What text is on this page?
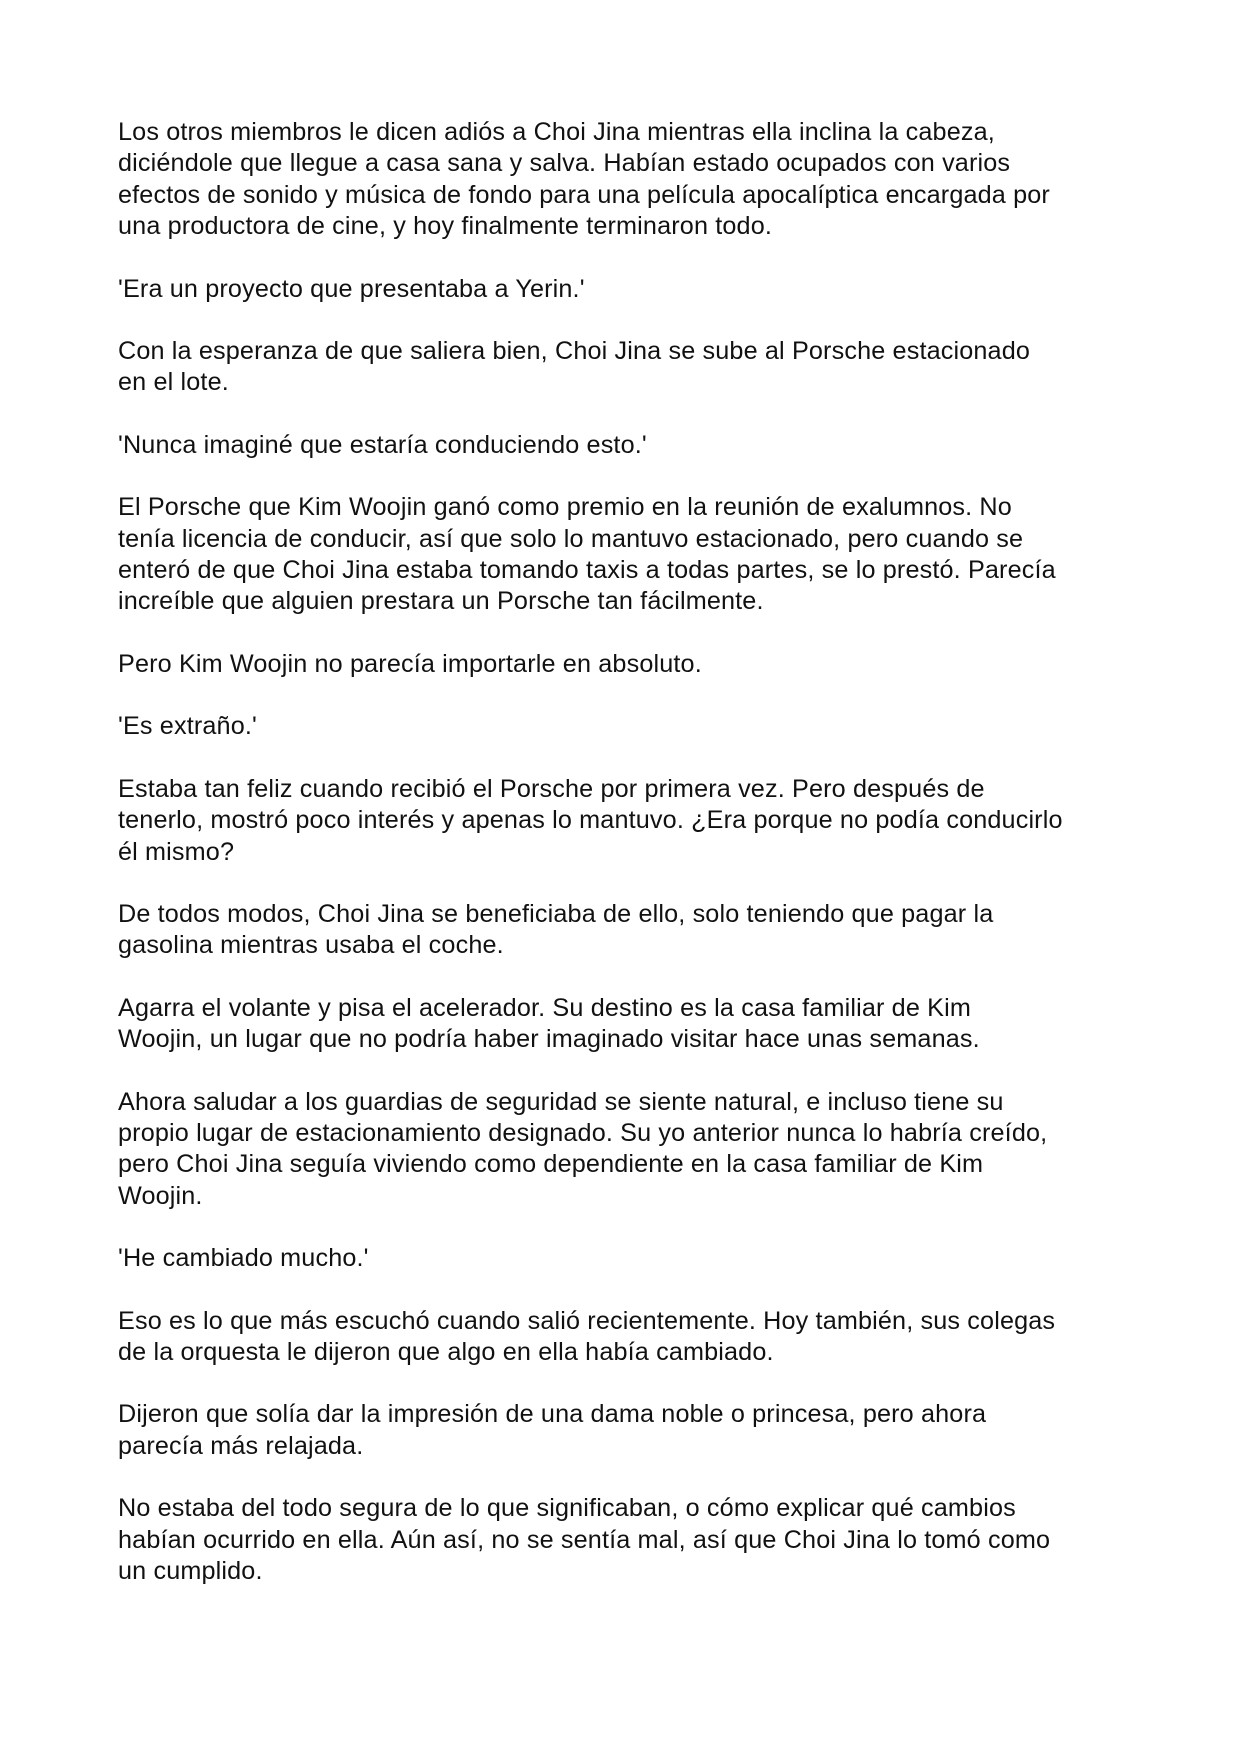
Los otros miembros le dicen adiós a Choi Jina mientras ella inclina la cabeza,
diciéndole que llegue a casa sana y salva. Habían estado ocupados con varios
efectos de sonido y música de fondo para una película apocalíptica encargada por
una productora de cine, y hoy finalmente terminaron todo.

'Era un proyecto que presentaba a Yerin.'

Con la esperanza de que saliera bien, Choi Jina se sube al Porsche estacionado
en el lote.

'Nunca imaginé que estaría conduciendo esto.'

El Porsche que Kim Woojin ganó como premio en la reunión de exalumnos. No
tenía licencia de conducir, así que solo lo mantuvo estacionado, pero cuando se
enteró de que Choi Jina estaba tomando taxis a todas partes, se lo prestó. Parecía
increíble que alguien prestara un Porsche tan fácilmente.

Pero Kim Woojin no parecía importarle en absoluto.

'Es extraño.'

Estaba tan feliz cuando recibió el Porsche por primera vez. Pero después de
tenerlo, mostró poco interés y apenas lo mantuvo. ¿Era porque no podía conducirlo
él mismo?

De todos modos, Choi Jina se beneficiaba de ello, solo teniendo que pagar la
gasolina mientras usaba el coche.

Agarra el volante y pisa el acelerador. Su destino es la casa familiar de Kim
Woojin, un lugar que no podría haber imaginado visitar hace unas semanas.

Ahora saludar a los guardias de seguridad se siente natural, e incluso tiene su
propio lugar de estacionamiento designado. Su yo anterior nunca lo habría creído,
pero Choi Jina seguía viviendo como dependiente en la casa familiar de Kim
Woojin.

'He cambiado mucho.'

Eso es lo que más escuchó cuando salió recientemente. Hoy también, sus colegas
de la orquesta le dijeron que algo en ella había cambiado.

Dijeron que solía dar la impresión de una dama noble o princesa, pero ahora
parecía más relajada.

No estaba del todo segura de lo que significaban, o cómo explicar qué cambios
habían ocurrido en ella. Aún así, no se sentía mal, así que Choi Jina lo tomó como
un cumplido.
